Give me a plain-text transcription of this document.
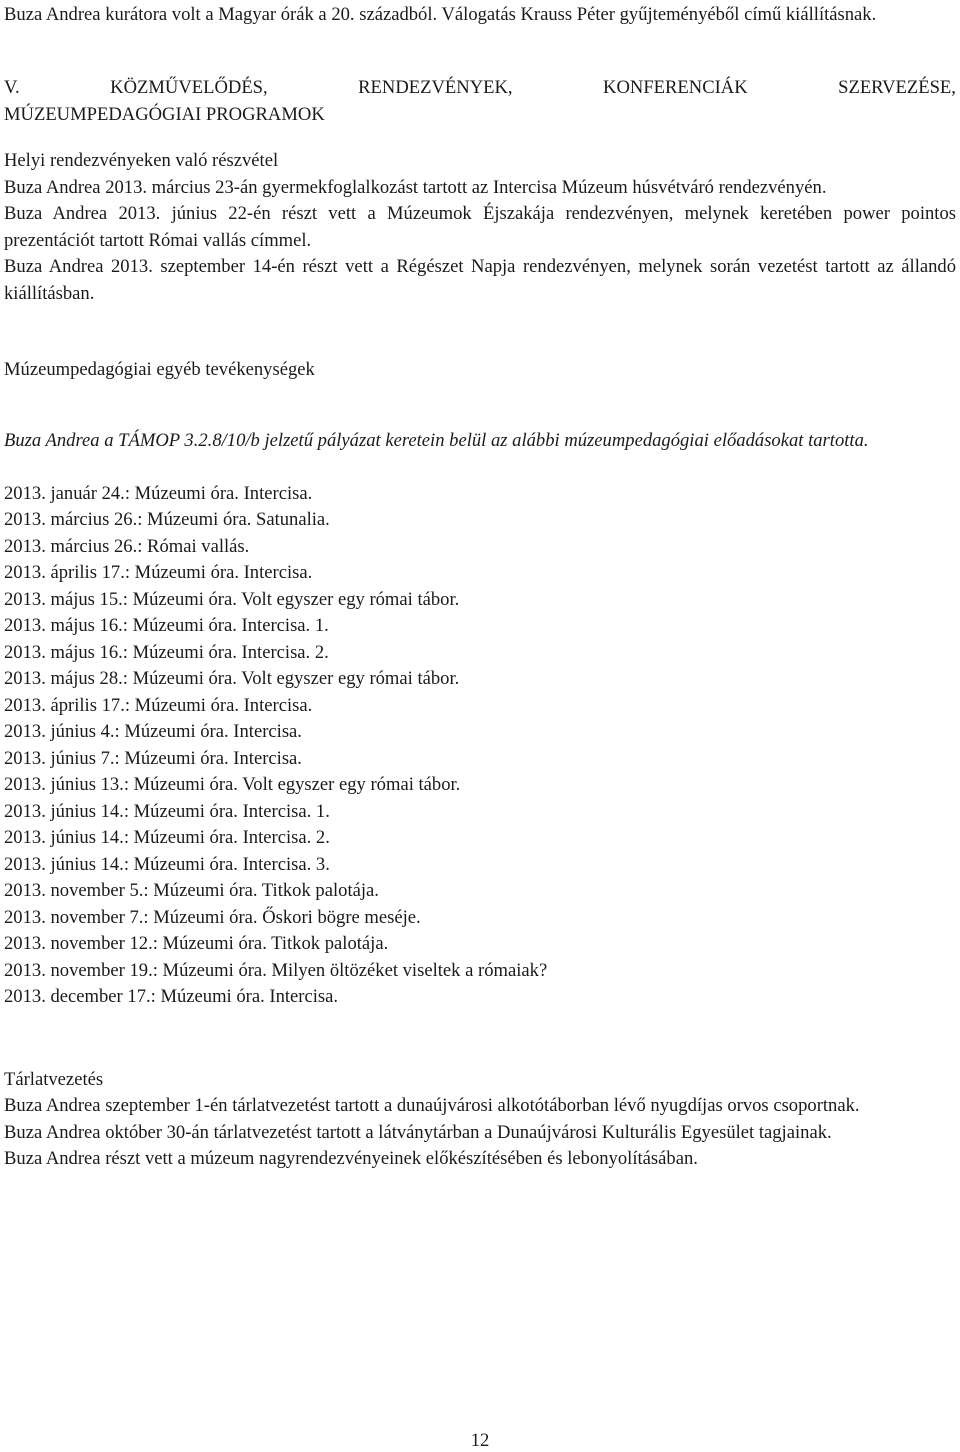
Buza Andrea kurátora volt a Magyar órák a 20. századból. Válogatás Krauss Péter gyűjteményéből című kiállításnak.

V.	KÖZMŰVELŐDÉS,	RENDEZVÉNYEK,	KONFERENCIÁK	SZERVEZÉSE,

MÚZEUMPEDAGÓGIAI PROGRAMOK

Helyi rendezvényeken való részvétel

Buza Andrea 2013. március 23-án gyermekfoglalkozást tartott az Intercisa Múzeum húsvétváró rendezvényén.

Buza Andrea 2013. június 22-én részt vett a Múzeumok Éjszakája rendezvényen, melynek keretében power pointos prezentációt tartott Római vallás címmel.

Buza Andrea 2013. szeptember 14-én részt vett a Régészet Napja rendezvényen, melynek során vezetést tartott az állandó kiállításban.

Múzeumpedagógiai egyéb tevékenységek

Buza Andrea a TÁMOP 3.2.8/10/b jelzetű pályázat keretein belül az alábbi múzeumpedagógiai előadásokat tartotta.

2013. január 24.: Múzeumi óra. Intercisa.
2013. március 26.: Múzeumi óra. Satunalia.
2013. március 26.: Római vallás.
2013. április 17.: Múzeumi óra. Intercisa.
2013. május 15.: Múzeumi óra. Volt egyszer egy római tábor.
2013. május 16.: Múzeumi óra. Intercisa. 1.
2013. május 16.: Múzeumi óra. Intercisa. 2.
2013. május 28.: Múzeumi óra. Volt egyszer egy római tábor.
2013. április 17.: Múzeumi óra. Intercisa.
2013. június 4.: Múzeumi óra. Intercisa.
2013. június 7.: Múzeumi óra. Intercisa.
2013. június 13.: Múzeumi óra. Volt egyszer egy római tábor.
2013. június 14.: Múzeumi óra. Intercisa. 1.
2013. június 14.: Múzeumi óra. Intercisa. 2.
2013. június 14.: Múzeumi óra. Intercisa. 3.
2013. november 5.: Múzeumi óra. Titkok palotája.
2013. november 7.: Múzeumi óra. Őskori bögre meséje.
2013. november 12.: Múzeumi óra. Titkok palotája.
2013. november 19.: Múzeumi óra. Milyen öltözéket viseltek a rómaiak?
2013. december 17.: Múzeumi óra. Intercisa.

Tárlatvezetés

Buza Andrea szeptember 1-én tárlatvezetést tartott a dunaújvárosi alkotótáborban lévő nyugdíjas orvos csoportnak.

Buza Andrea október 30-án tárlatvezetést tartott a látványtárban a Dunaújvárosi Kulturális Egyesület tagjainak.

Buza Andrea részt vett a múzeum nagyrendezvényeinek előkészítésében és lebonyolításában.

12
